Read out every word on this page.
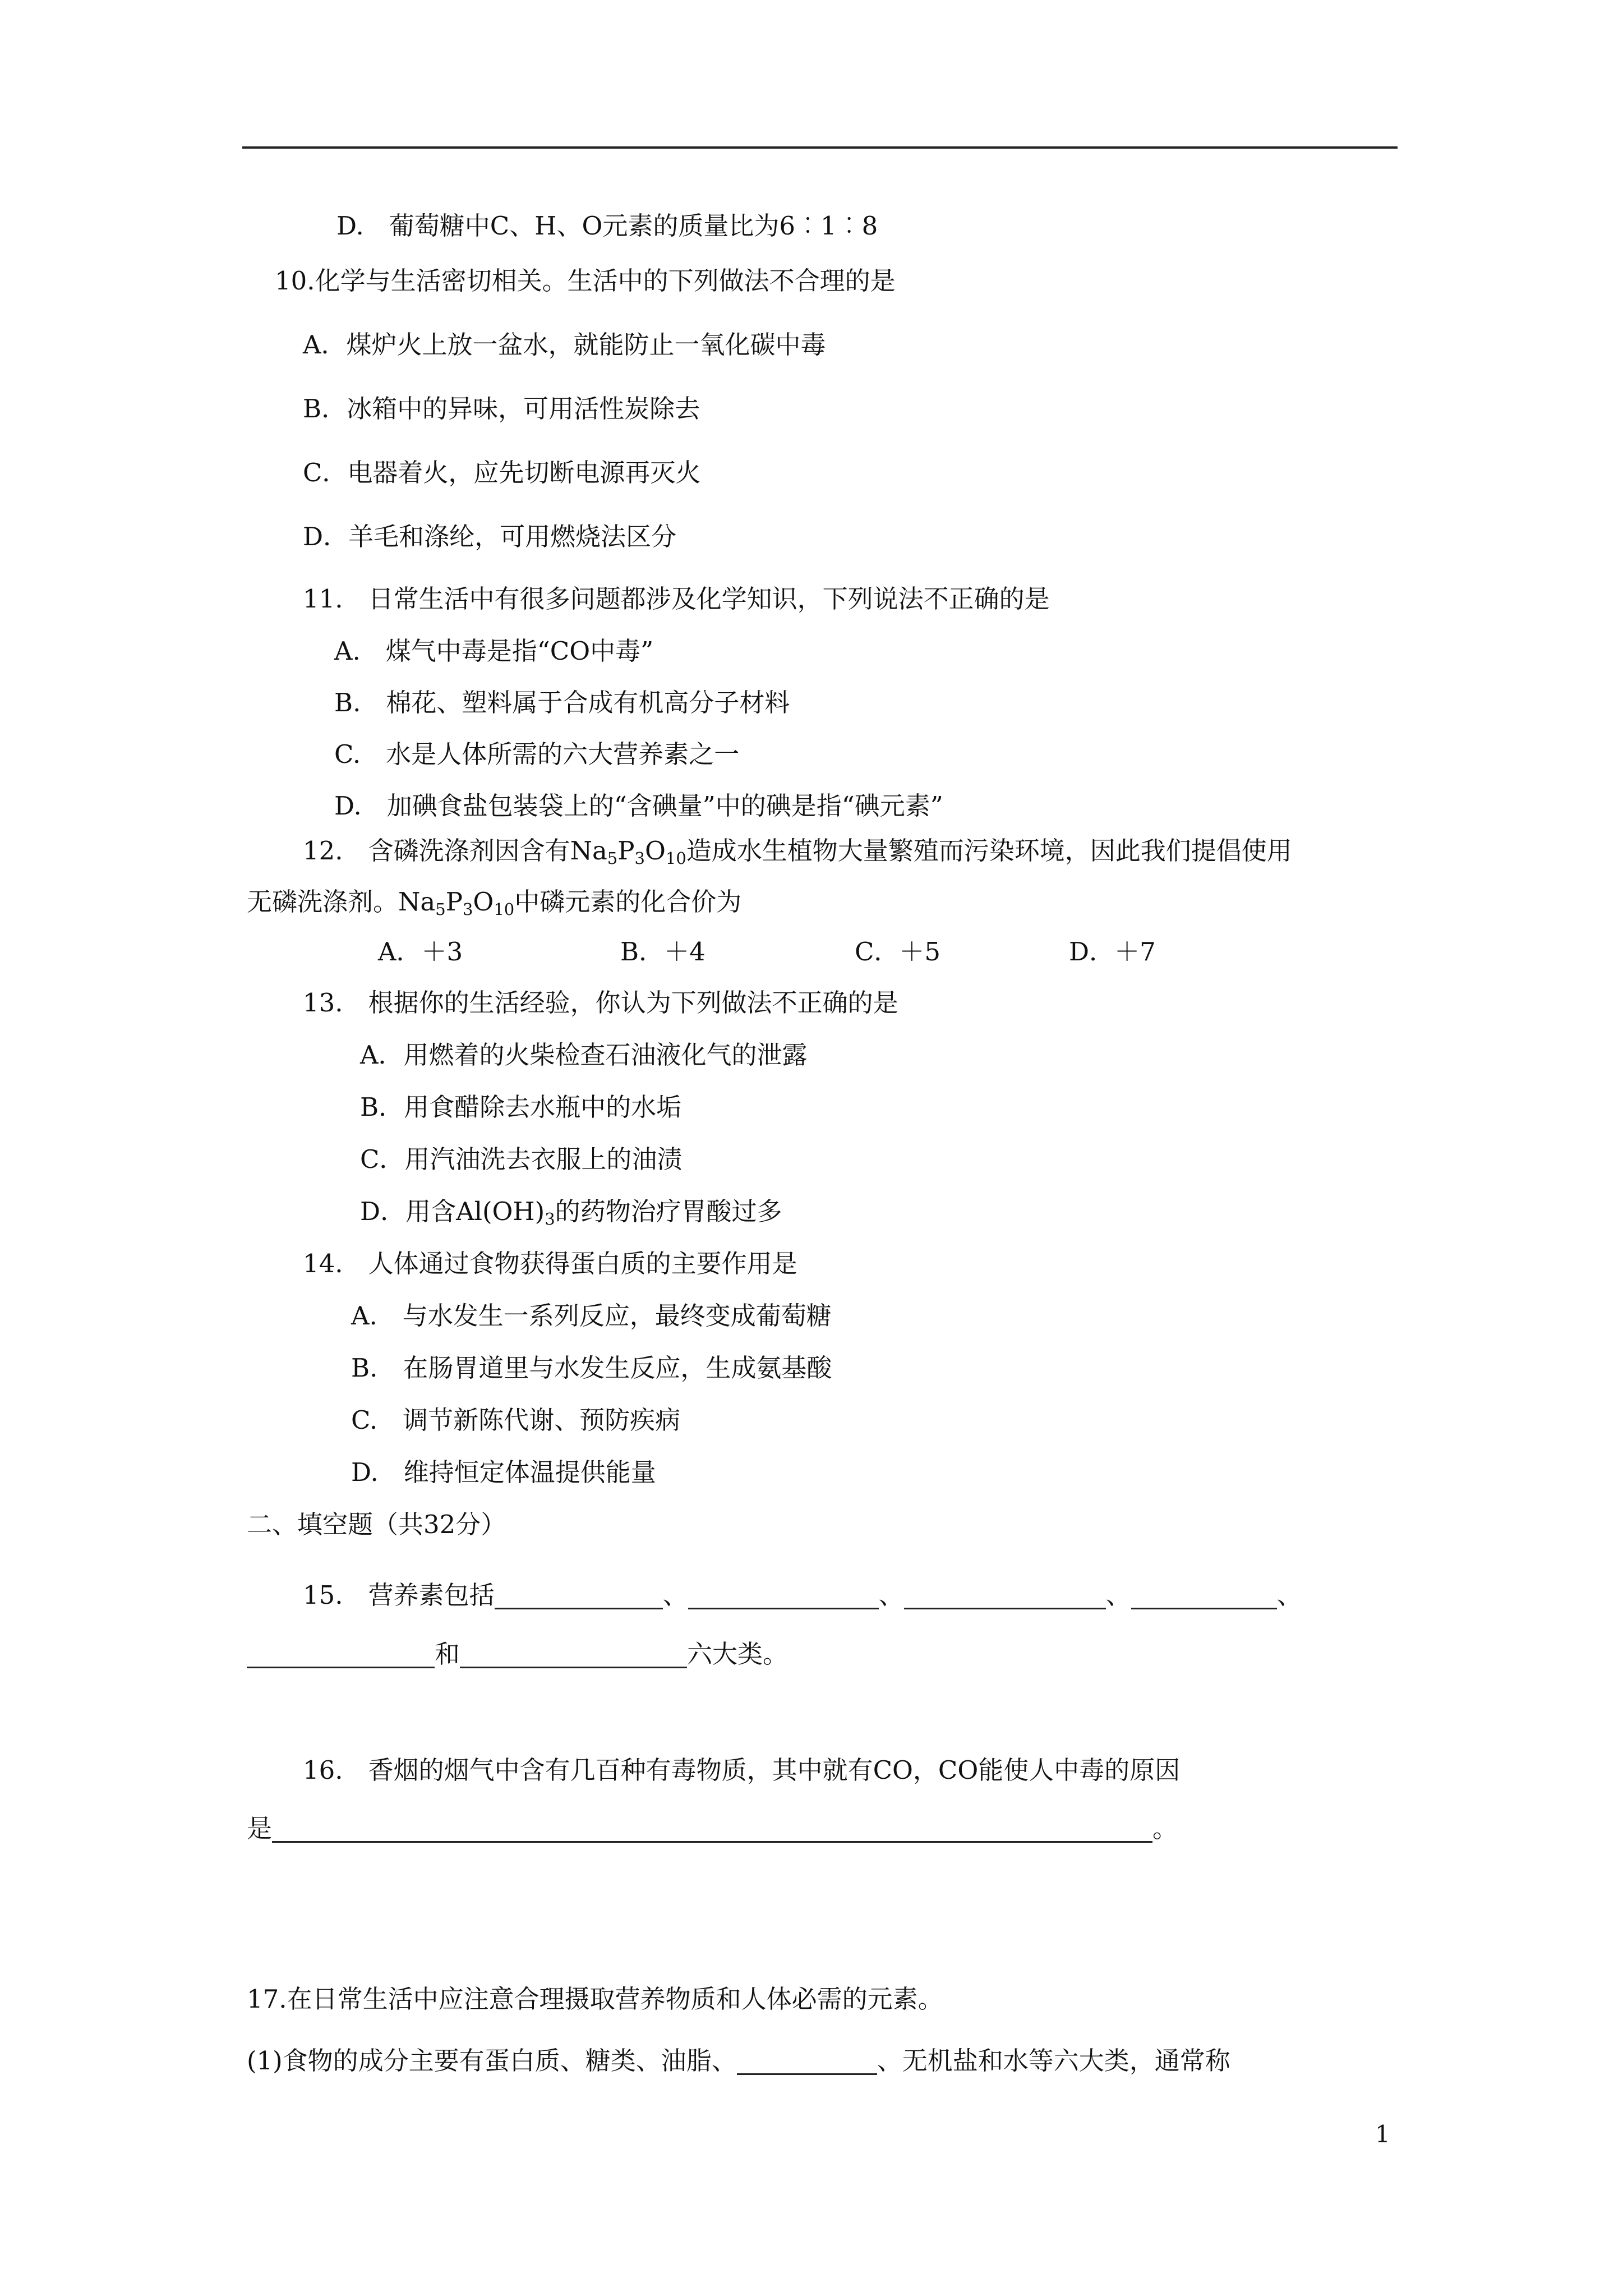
D.　葡萄糖中C、H、O元素的质量比为6︰1︰8
10.化学与生活密切相关。生活中的下列做法不合理的是
A．煤炉火上放一盆水，就能防止一氧化碳中毒
B．冰箱中的异味，可用活性炭除去
C．电器着火，应先切断电源再灭火
D．羊毛和涤纶，可用燃烧法区分
11.　日常生活中有很多问题都涉及化学知识，下列说法不正确的是
A.　煤气中毒是指“CO中毒”
B.　棉花、塑料属于合成有机高分子材料
C.　水是人体所需的六大营养素之一
D.　加碘食盐包装袋上的“含碘量”中的碘是指“碘元素”
12.　含磷洗涤剂因含有$Na_5P_3O_{10}$造成水生植物大量繁殖而污染环境，因此我们提倡使用
无磷洗涤剂。$Na_5P_3O_{10}$中磷元素的化合价为
A．＋3	B．＋4	C．＋5	D．＋7
13.　根据你的生活经验，你认为下列做法不正确的是
A．用燃着的火柴检查石油液化气的泄露
B．用食醋除去水瓶中的水垢
C．用汽油洗去衣服上的油渍
D．用含$Al(OH)_3$的药物治疗胃酸过多
14.　人体通过食物获得蛋白质的主要作用是
A.　与水发生一系列反应，最终变成葡萄糖
B.　在肠胃道里与水发生反应，生成氨基酸
C.　调节新陈代谢、预防疾病
D.　维持恒定体温提供能量
二、填空题（共32分）
15.　营养素包括	、	、	、	、
和	六大类。
16.　香烟的烟气中含有几百种有毒物质，其中就有CO，CO能使人中毒的原因
是	。
17.在日常生活中应注意合理摄取营养物质和人体必需的元素。
(1)食物的成分主要有蛋白质、糖类、油脂、	、无机盐和水等六大类，通常称
1
